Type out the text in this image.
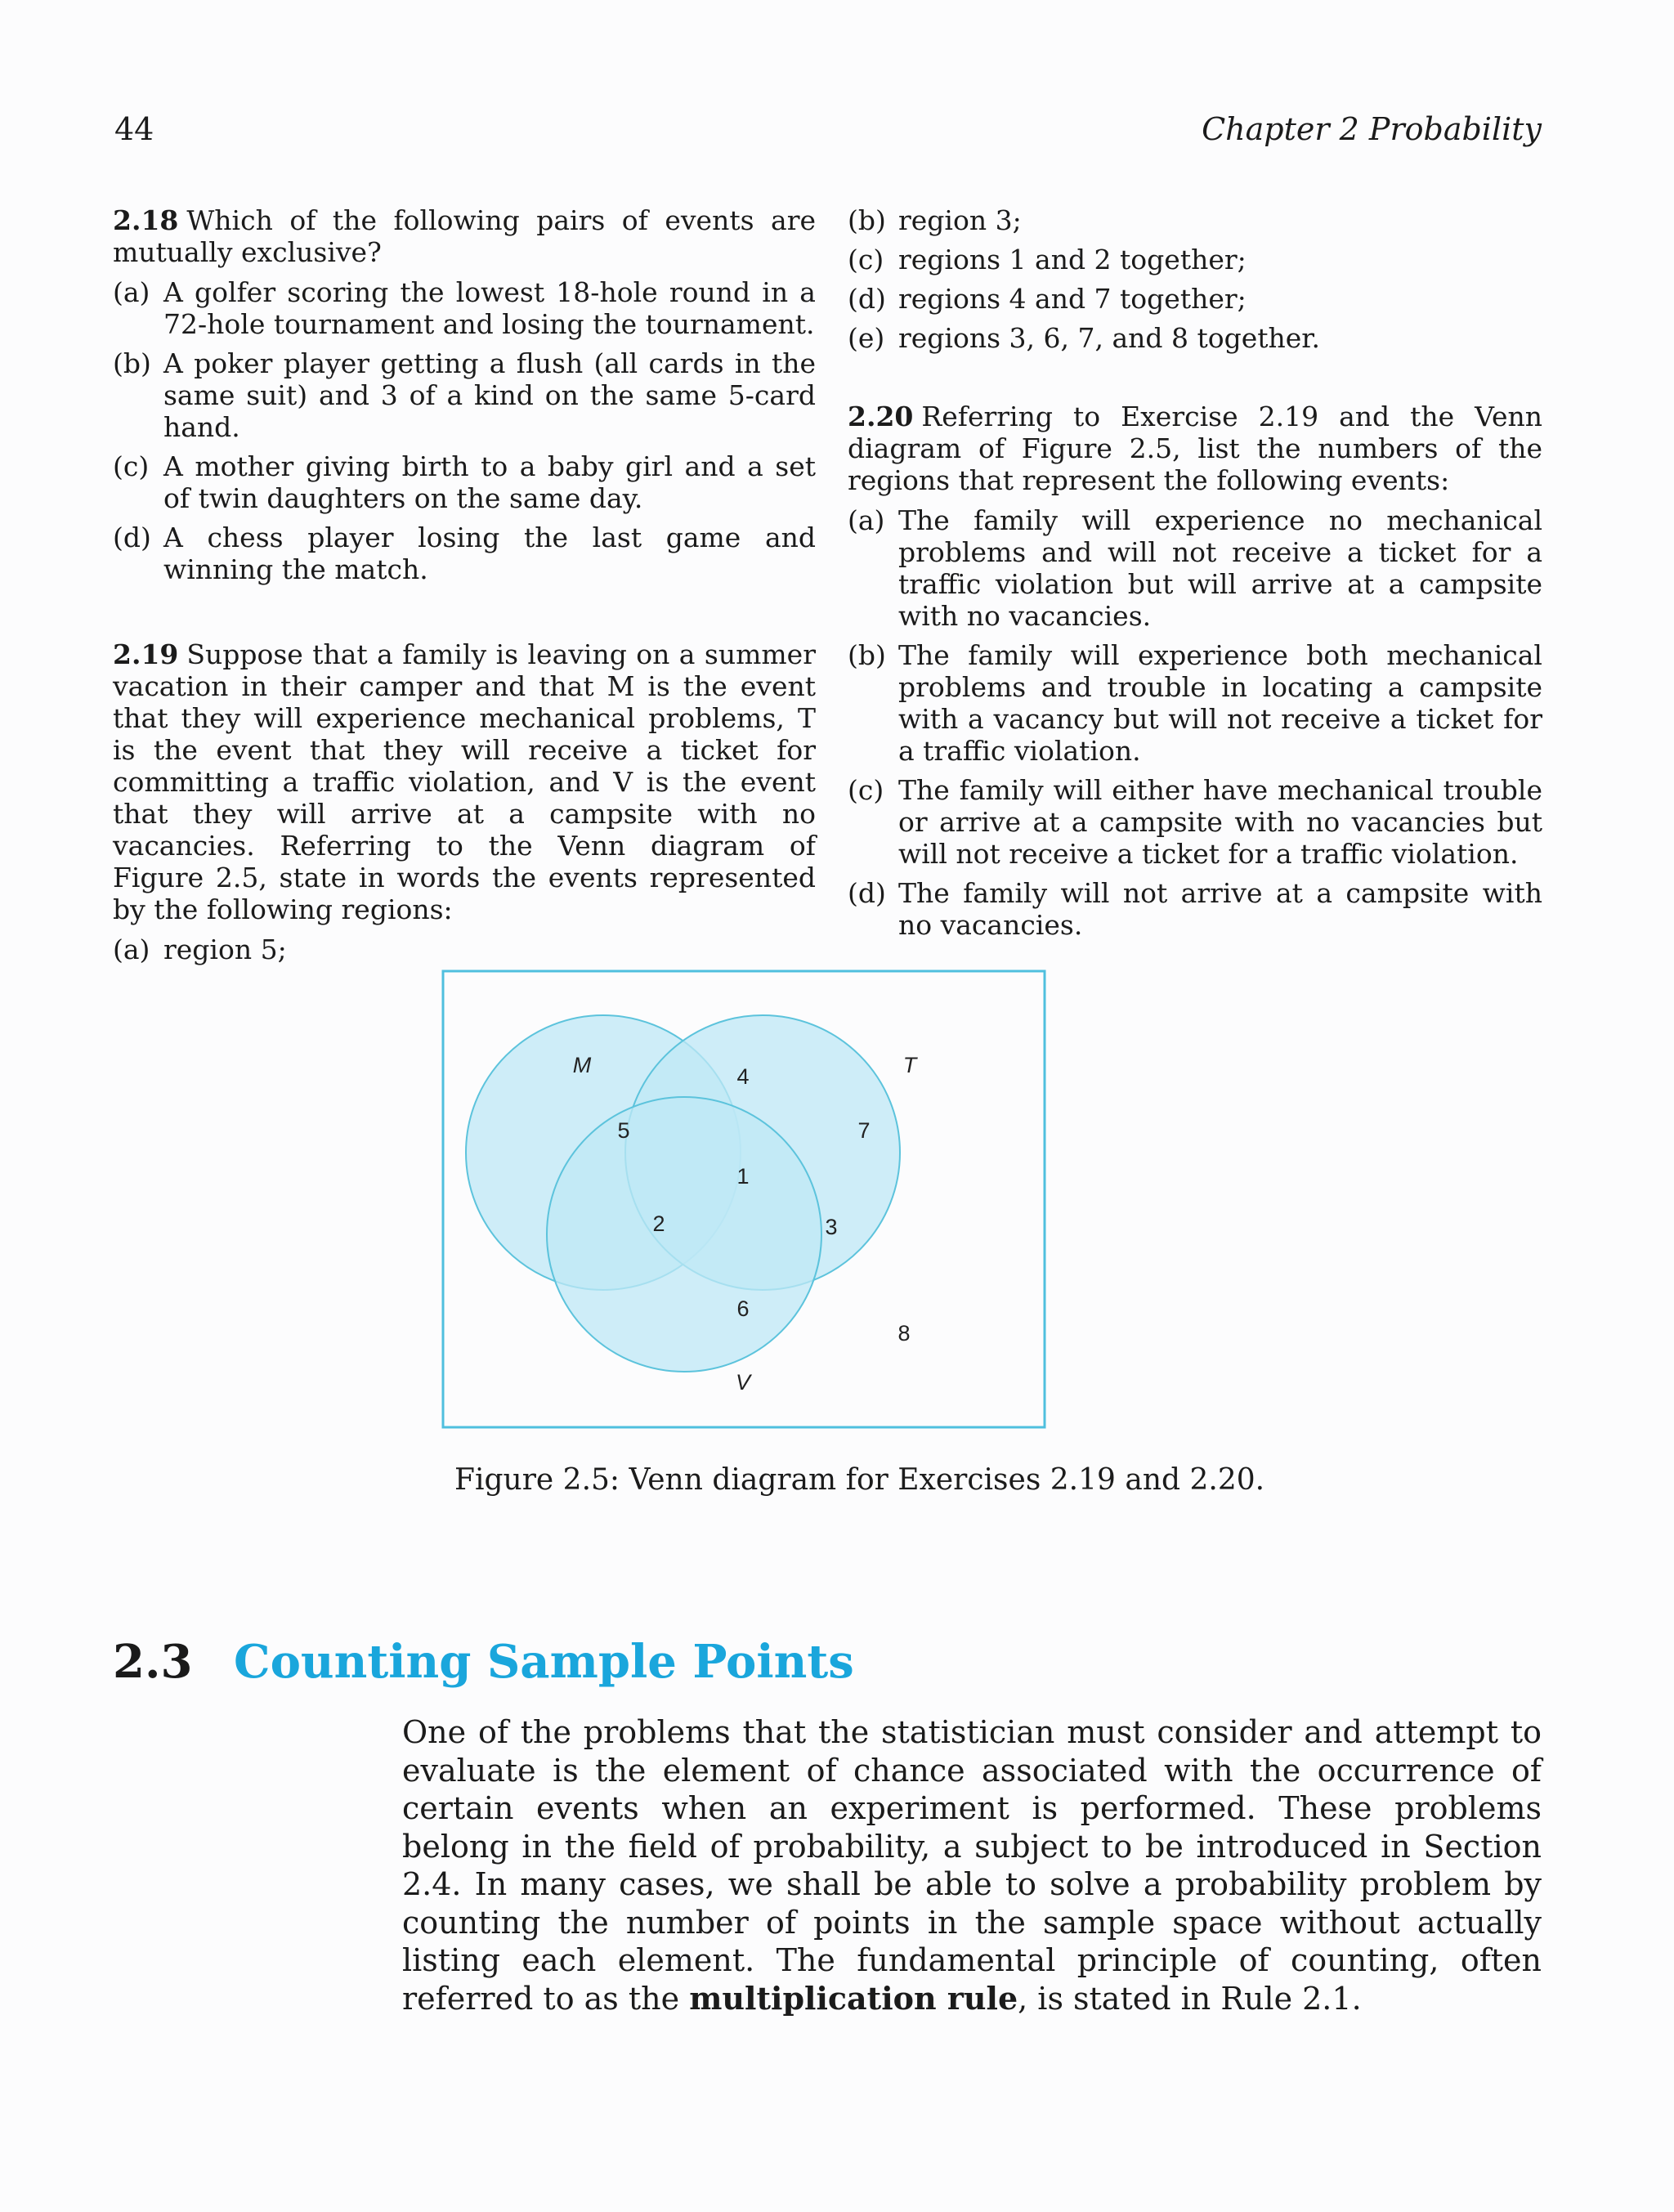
44	Chapter 2 Probability
2.18 Which of the following pairs of events are mutually exclusive?
(a) A golfer scoring the lowest 18-hole round in a 72-hole tournament and losing the tournament.
(b) A poker player getting a flush (all cards in the same suit) and 3 of a kind on the same 5-card hand.
(c) A mother giving birth to a baby girl and a set of twin daughters on the same day.
(d) A chess player losing the last game and winning the match.
2.19 Suppose that a family is leaving on a summer vacation in their camper and that M is the event that they will experience mechanical problems, T is the event that they will receive a ticket for committing a traffic violation, and V is the event that they will arrive at a campsite with no vacancies. Referring to the Venn diagram of Figure 2.5, state in words the events represented by the following regions:
(a) region 5;
(b) region 3;
(c) regions 1 and 2 together;
(d) regions 4 and 7 together;
(e) regions 3, 6, 7, and 8 together.
2.20 Referring to Exercise 2.19 and the Venn diagram of Figure 2.5, list the numbers of the regions that represent the following events:
(a) The family will experience no mechanical problems and will not receive a ticket for a traffic violation but will arrive at a campsite with no vacancies.
(b) The family will experience both mechanical problems and trouble in locating a campsite with a vacancy but will not receive a ticket for a traffic violation.
(c) The family will either have mechanical trouble or arrive at a campsite with no vacancies but will not receive a ticket for a traffic violation.
(d) The family will not arrive at a campsite with no vacancies.
M	T
V
4
5	7
1
2	3
6
8
Figure 2.5: Venn diagram for Exercises 2.19 and 2.20.
2.3 Counting Sample Points
One of the problems that the statistician must consider and attempt to evaluate is the element of chance associated with the occurrence of certain events when an experiment is performed. These problems belong in the field of probability, a subject to be introduced in Section 2.4. In many cases, we shall be able to solve a probability problem by counting the number of points in the sample space without actually listing each element. The fundamental principle of counting, often referred to as the multiplication rule, is stated in Rule 2.1.
